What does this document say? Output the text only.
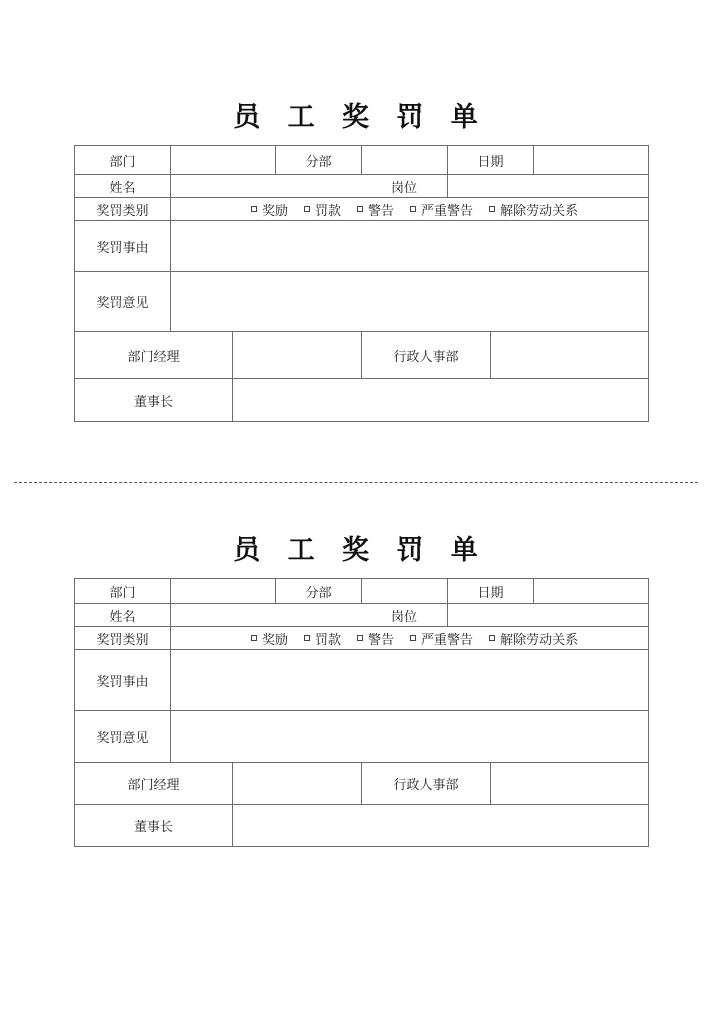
员 工 奖 罚 单
部门	分部	日期
姓名	岗位
奖罚类别	奖励 罚款 警告 严重警告 解除劳动关系
奖罚事由
奖罚意见
部门经理	行政人事部
董事长
员 工 奖 罚 单
部门	分部	日期
姓名	岗位
奖罚类别	奖励 罚款 警告 严重警告 解除劳动关系
奖罚事由
奖罚意见
部门经理	行政人事部
董事长
